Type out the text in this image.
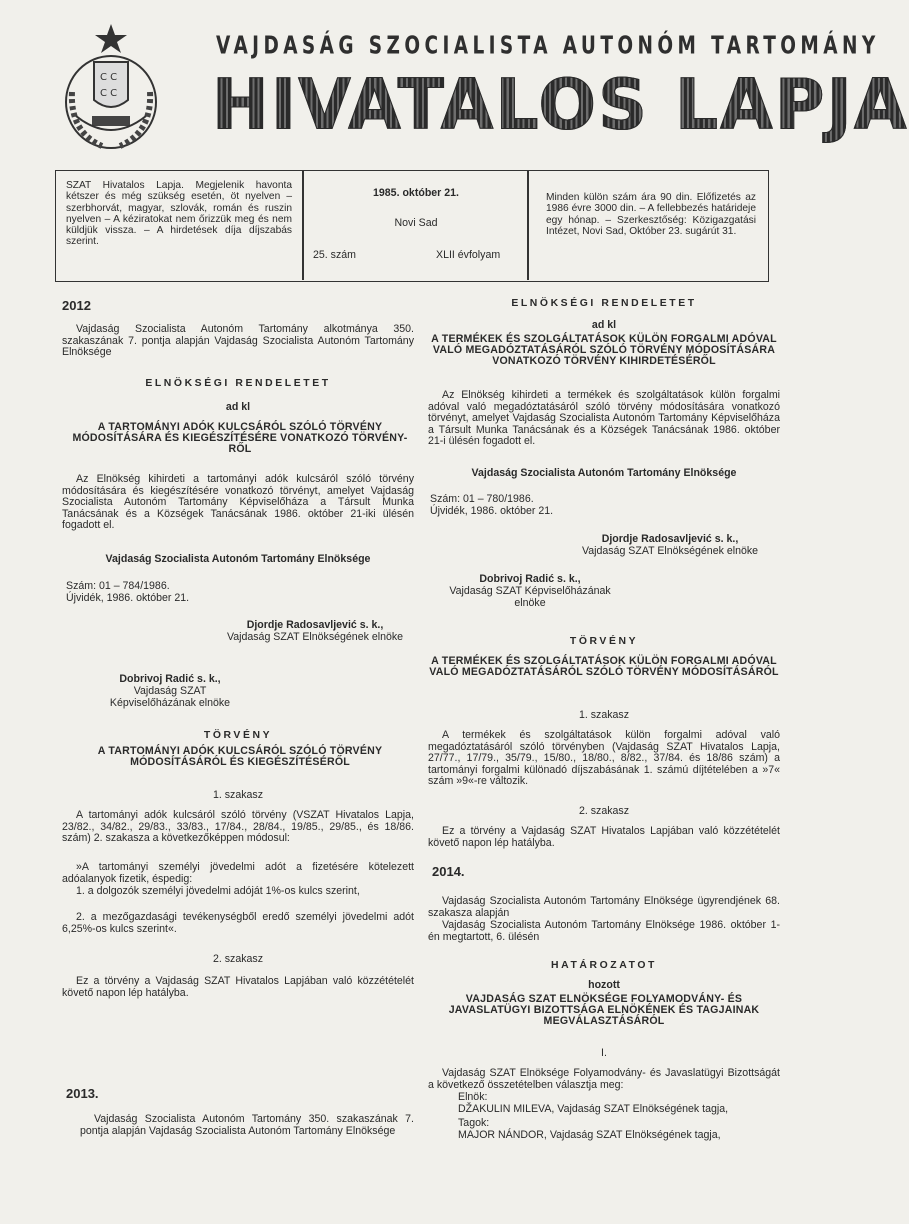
C C
C C
VAJDASÁG SZOCIALISTA AUTONÓM TARTOMÁNY
HIVATALOS LAPJA
SZAT Hivatalos Lapja. Megjelenik havonta kétszer és még szükség esetén, öt nyelven – szerbhorvát, magyar, szlovák, román és ruszin nyelven – A kéziratokat nem őrizzük meg és nem küldjük vissza. – A hirdetések díja díjszabás szerint.
1985. október 21.
Novi Sad
25. szám	XLII évfolyam
Minden külön szám ára 90 din. Előfizetés az 1986 évre 3000 din. – A fellebbezés határideje egy hónap. – Szerkesztőség: Közigazgatási Intézet, Novi Sad, Október 23. sugárút 31.
2012

Vajdaság Szocialista Autonóm Tartomány alkotmánya 350. szakaszának 7. pontja alapján Vajdaság Szocialista Autonóm Tartomány Elnöksége

ELNÖKSÉGI RENDELETET
ad kl
A TARTOMÁNYI ADÓK KULCSÁRÓL SZÓLÓ TÖRVÉNY MÓDOSÍTÁSÁRA ÉS KIEGÉSZÍTÉSÉRE VONATKOZÓ TÖRVÉNY-RŐL

Az Elnökség kihirdeti a tartományi adók kulcsáról szóló törvény módosítására és kiegészítésére vonatkozó törvényt, amelyet Vajdaság Szocialista Autonóm Tartomány Képviselőháza a Társult Munka Tanácsának és a Községek Tanácsának 1986. október 21-iki ülésén fogadott el.

Vajdaság Szocialista Autonóm Tartomány Elnöksége
Szám: 01 – 784/1986.
Újvidék, 1986. október 21.
Djordje Radosavljević s. k.,
Vajdaság SZAT Elnökségének elnöke
Dobrivoj Radić s. k.,
Vajdaság SZAT Képviselőházának elnöke
TÖRVÉNY
A TARTOMÁNYI ADÓK KULCSÁRÓL SZÓLÓ TÖRVÉNY MÓDOSÍTÁSÁRÓL ÉS KIEGÉSZÍTÉSÉRŐL
1. szakasz

A tartományi adók kulcsáról szóló törvény (VSZAT Hivatalos Lapja, 23/82., 34/82., 29/83., 33/83., 17/84., 28/84., 19/85., 29/85., és 18/86. szám) 2. szakasza a következőképpen módosul:

»A tartományi személyi jövedelmi adót a fizetésére kötelezett adóalanyok fizetik, éspedig:

1. a dolgozók személyi jövedelmi adóját 1%-os kulcs szerint,

2. a mezőgazdasági tevékenységből eredő személyi jövedelmi adót 6,25%-os kulcs szerint«.

2. szakasz

Ez a törvény a Vajdaság SZAT Hivatalos Lapjában való közzétételét követő napon lép hatályba.

2013.

Vajdaság Szocialista Autonóm Tartomány 350. szakaszának 7. pontja alapján Vajdaság Szocialista Autonóm Tartomány Elnöksége

ELNÖKSÉGI RENDELETET
ad kl
A TERMÉKEK ÉS SZOLGÁLTATÁSOK KÜLÖN FORGALMI ADÓVAL VALÓ MEGADÓZTATÁSÁRÓL SZÓLÓ TÖRVÉNY MÓDOSÍTÁSÁRA VONATKOZÓ TÖRVÉNY KIHIRDETÉSÉRŐL

Az Elnökség kihirdeti a termékek és szolgáltatások külön forgalmi adóval való megadóztatásáról szóló törvény módosítására vonatkozó törvényt, amelyet Vajdaság Szocialista Autonóm Tartomány Képviselőháza a Társult Munka Tanácsának és a Községek Tanácsának 1986. október 21-i ülésén fogadott el.

Vajdaság Szocialista Autonóm Tartomány Elnöksége
Szám: 01 – 780/1986.
Újvidék, 1986. október 21.
Djordje Radosavljević s. k.,
Vajdaság SZAT Elnökségének elnöke
Dobrivoj Radić s. k.,
Vajdaság SZAT Képviselőházának elnöke
TÖRVÉNY
A TERMÉKEK ÉS SZOLGÁLTATÁSOK KÜLÖN FORGALMI ADÓVAL VALÓ MEGADÓZTATÁSÁRÓL SZÓLÓ TÖRVÉNY MÓDOSÍTÁSÁRÓL
1. szakasz

A termékek és szolgáltatások külön forgalmi adóval való megadóztatásáról szóló törvényben (Vajdaság SZAT Hivatalos Lapja, 27/77., 17/79., 35/79., 15/80., 18/80., 8/82., 37/84. és 18/86 szám) a tartományi forgalmi különadó díjszabásának 1. számú díjtételében a »7« szám »9«-re változik.

2. szakasz

Ez a törvény a Vajdaság SZAT Hivatalos Lapjában való közzétételét követő napon lép hatályba.

2014.

Vajdaság Szocialista Autonóm Tartomány Elnöksége ügyrendjének 68. szakasza alapján

Vajdaság Szocialista Autonóm Tartomány Elnöksége 1986. október 1-én megtartott, 6. ülésén

HATÁROZATOT
hozott
VAJDASÁG SZAT ELNÖKSÉGE FOLYAMODVÁNY- ÉS JAVASLATÜGYI BIZOTTSÁGA ELNÖKÉNEK ÉS TAGJAINAK MEGVÁLASZTÁSÁRÓL
I.

Vajdaság SZAT Elnöksége Folyamodvány- és Javaslatügyi Bizottságát a következő összetételben választja meg:

Elnök:
DŽAKULIN MILEVA, Vajdaság SZAT Elnökségének tagja,
Tagok:
MAJOR NÁNDOR, Vajdaság SZAT Elnökségének tagja,
